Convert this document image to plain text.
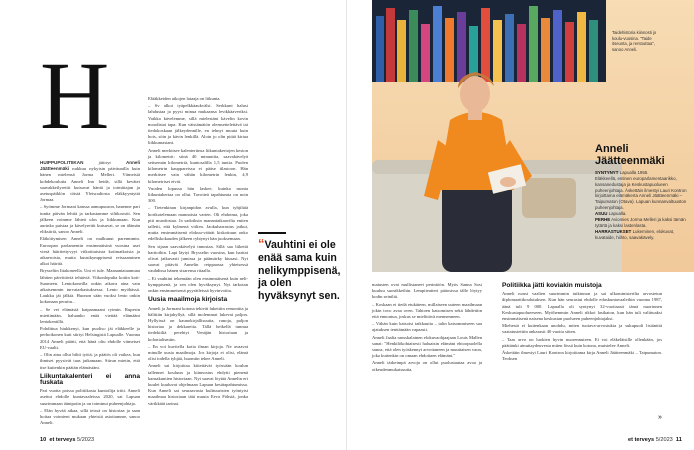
H

HUIPPUPOLITIIKAN jättiryt Anneli Jäätteenmäki nukkuu nykyisin päiväunilla kuin hänen mielensä Jorma Melleri. Viimeisiä kohdekoulutta Anneli Inn heidä, sillä kevätet saavakkeilyreitit kutsuvat häntä ja toimittajan ja asetuspäiklön töistä Yleisradiosta eläkkyyntyttä Jormaa.

– Syömme Jormani kanssa aamupuuron, hanenne pari tuntia päivän lehtiä ja tarkastamme siltikoostit. Sen jälkeen voimme lähteä ulos ja liikkumaan. Kun aurinko paistaa ja kävelyreitit kutsuvat, se on älämän eliksiiriä, sanoo Anneli.

Eläköitymisen Anneli on malkunut parenmmin. Euroopan parlamentin ensimmäisinä vuosina usei viesä häiritettyvyyt viikoittaisista kotimatkoista ja aikaeroista, mutta kuusikymppisenä reissaaminen alkoi häiritä.

Brysseliin Ittakoneella. Uni ei tule. Maanantaiaamuna lähtien päivittäviä tehtäviä. Viikonlopulta kotiin koti-Suomeen. Lentokoneilla onkin aikava aina vain aikaisemmin turvatarkastuksessa. Lento myöhässä. Laukku jäi jälkiä. Huonon sään vuoksi lento onkin kokonaan peruttu...

– Se vei elämästä kaipaamaani rytmin. Rupesin miettimään, haluanko enää viettää elämääni lentokentillä.

Pohdittua hiukkenyi, kun puoliso jäi eläkkeelle ja perhoikonen kuti siirtyi Helsingistä Lapualle. Vuonna 2014 Anneli päätti, että hänä oltu ehdolle viimeiset EU-vaalit.

– Olin aina ollut hiltti työtä, ja päätös oli vaikea, kun ihmiset pyysivät taas jatkamaan. Siirun mietin, että itse kuitenkin päätän elämästäni.

Liikuntakalenteri ei anna fuskata

Pari vuotta poissa politiikasta kuntoilija iritti. Anneli asettui ehdolle kuntavaaleissa 2020, sai Lapuan suurimmaan äänipotin ja on toiminut puheenjohtaja.

– Elän hyvää aikaa, sillä teissä on historiaa ja saan hoitaa voimieni mukaan yhteisiä asioitamme, sanoo Anneli.

Elääkkeiden aikojen lataaja on liikunta.

– Sv alkoi tyäpelkkäaukvälsi. Serkkuni halusi lahdustaa ja pyysi minua mukaansa levikkäaveriksi. Vaikka kävelemme, sillä mielestäni kävelin kovin moodistai tapa. Kun väistämätön olemsettelettävä tai tiedokoskaan jälkeydennille, en tehnyt muuta kuin hois, söin ja kävin lenkillä. Aloin jo olin pitää kiriaa liikkumastani.

Anneli merkitsee kalenteriinsa liikuntakertojen keston ja kilometrit: siinä 40 minuuttia, saavakävelyä seitsemän kilometriä, kuntosalilla 1,5 tuntia. Puolen kilometrin kauppareissu ei pääse tilastoon. Hän merkitsee vain vähän kilometrin lenkin, 4,9 kilometriset eivät.

Vuoden lopussa hän laskee, kuinka monta liikuntakertaa on ollut. Tavoiteä tapahtumia on noin 300.

– Tietenkinan kirjanpidon avulla, kun tyhjiltää horikotelemaan mannoista varten. Oli ehdotma, joka piti muodostaa. Ja sadoiksin manantaikaavilta eniten talletti, että kylmenä vitlien. Jaokuharrastus jatkui, mutta ensimmäisenä elokuu-vääräi kiskottuun onko edelliskokauden jälkeen ryhtynyt hän juoksemaan.

Sen sijaan saavakävelyä innostaa. Sillä saa liikettä hartioihin. Lapi läytyi Brysselin vuosina, kun harttat olivat jatkuvasti jumissa ja päänsärky kiusasi. Nyt saavat pitävät Annelin reippaassa yhteisessä vauhdissa hänen sisarensa ritaalla.

– Ei vauhtini tekemään olen ensimmäisenä kuin neli-kymppisenä, ja sen olen hyväksynyt. Nyt tarkotan onkin ensimmeisenä pyyräileissä hyvinvoitta.

Uusia maailmoja kirjoista

Anneli ja Jormani kotona tekivät lukettiin remonttia ja hälittiin kirjahyllyä, sillä molemmat lukevat paljon. Hyllyissä on kaunokirjallisuutta, runoja, paljon historiaa ja dekkareita. Tällä hetkellä tunnua tiedekiiltä perehtyi Venäjän historiaan ja kolonialismiin.

– En voi kuvitella kotia ilman kirjoja. Ne avaavat minulle uusia maailmoja. Jos kirjoja ei olisi, elämä olisi todella tyhjää, huomiin tekee Anneli.

Anneli sai kirjoittaa kiitettävät työssään koulun tallennet kouluun ja kiinnostus ehdytti pienenä kansakuntien historiaan. Nyt saavat löytää Annelin eri kuulet kuuluvat ohjelmaan Lapuan kesätapahtumissa. Kun Anneli sai seuraavasta kulttuuristen työntyisi maailmaa historiaan tätä muuta Eeva Föhstä, jonka värikkäät tarinat.

“Vauhtini ei ole enää sama kuin nelikymppisenä, ja olen hyväksynyt sen.
10 et terveys 5/2023
Taidehistoria kiinnosti jo koulu-vuosina. "Taide itseunta, ja rentouttaa", sanoo Anneli.
Anneli Jäätteenmäki
SYNTYNYT Lapualla 1955.
Eläkkeellä, entinen europarlamentaarikko, kansanedustaja ja Keskustapuolueen puheenjohtaja. Äskettäin ilmestyi Lauri Kontron kirjoittama elämäkerta Anneli Jäätteenmäki – Taipumaton (Otava). Lapuan kunnanvaltuuston puheenjohtaja.
ASUU Lapualla.
PERHE Aviomies Jorma Melleri ja kaksi tämän tytärtä ja kaksi lastenlasta.
HARRASTUKSET Lukeminen, elokuvat, kuvataide, hiihto, saavakävely.

matusten ovat mullistaneet perintöön. Myös Sanna Sosi kuuluu suosikkeihin. Lempiteatteri pääosissa tälle löytyy kodin seiniltä.

– Koskaan ei tiedä etukäteen, millaiseen uuteen maailmaan jokin tovo avaa oven. Tahtoen katsomisen sekä lähdettiin että ennoutua, joskus se mielittävä mennenneen.

– Vähän kuin katsoisi taikkautta – talin katsommiseen saa ajatuksen tenttämään vapaasti.

Anneli Jaalia ransskalainen elokuvaohjaajaan Louis Mallen sanat: "Henkilökohtaisesti haluaisin elämäni ehtoopuolella sanoa, että olen työskennyt arvottaneen ja muuttaisen vaon, joka kuitenkin on omaan ehdottaen elämäni."

Anneli tärkeimpä arvoja on ollut puolustautaa avoa ja oikeudenmukaisuutta.

Politiikka jätti koviakin muistoja

Anneli nousi vaalien suurimmin tutkinnon ja sai ulkoministerilta arvostetun diplomaattikoulutuksen. Kun hän seurastui ehdolle eduskuntavaaleihin vuonna 1987, äänä tuli 9 000. Lapualla oli syntynyt 32-vuotiaasti tämä nuorinnen Keskustapuolueeseen. Myöhemmin Anneli rikkoi lasikaton, kun hän tuli valittuaksi ensimmäisenä naisena keskustan puolueen puheenjohtajaksi.

Miehestä ei kuitenkaan unohdu, miten tuotava-arvostukia ja sukupuoli lisiäntttä vaatatustetttin ankarasti 40 vuotta sitten.

– Taas arvo on luokien hyvin nuorennuteen. Ei voi eläkeläisille ollenkään, jos päättänki ainuttaydeuvesta miten lössä kuin kotona, muistelee Anneli.

Äskettäin ilmestyi Lauri Kontron kirjoittama kirja Anneli Jäätteenmäki – Taipumaton. Teoksen

»
et terveys 5/2023 11
